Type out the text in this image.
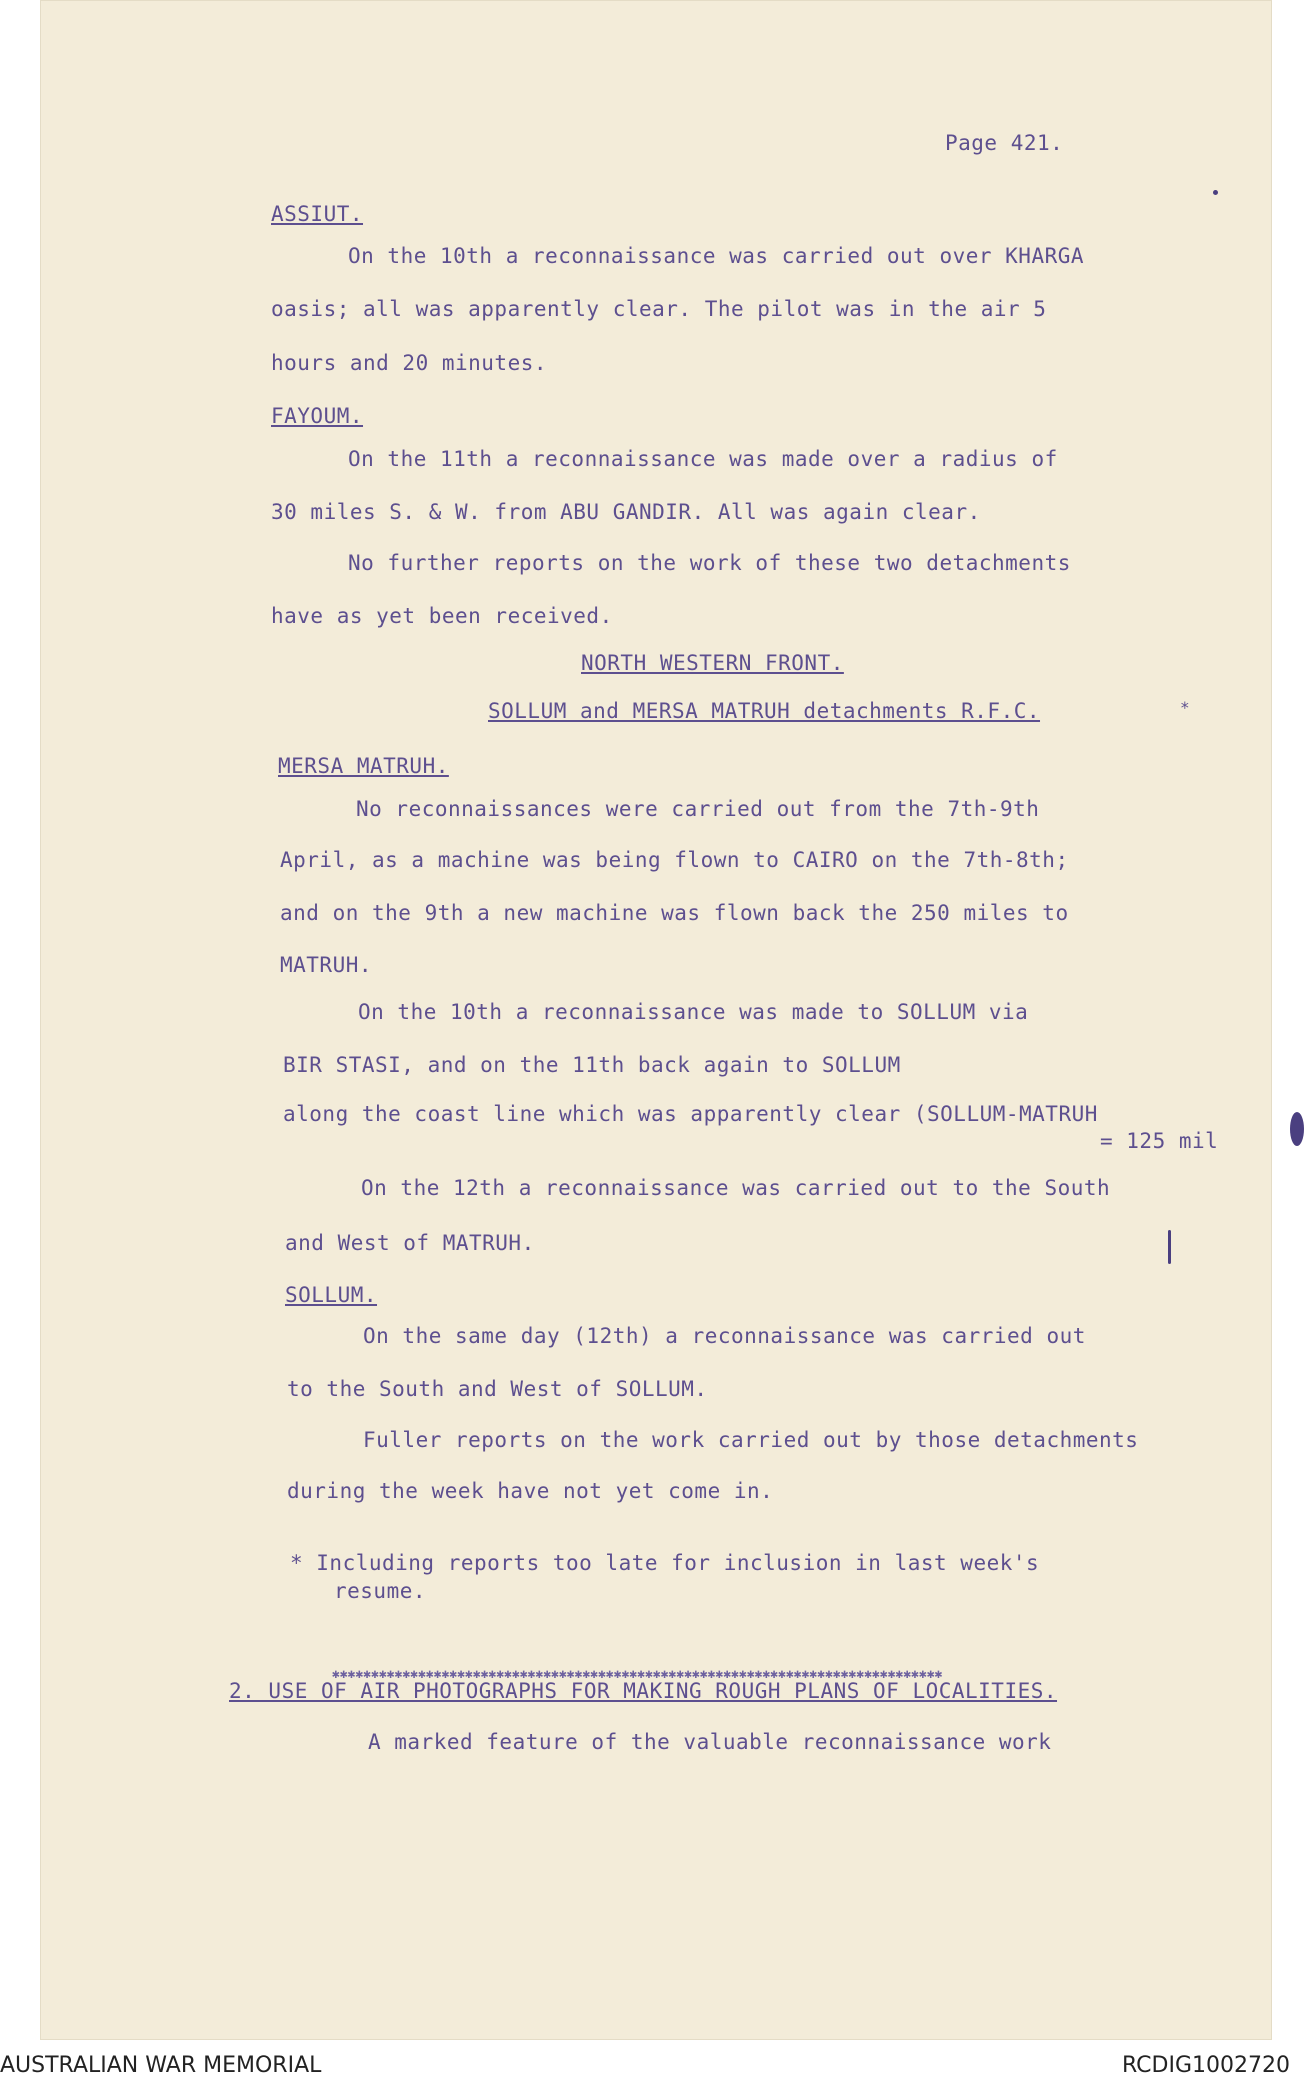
Page 421.
ASSIUT.
On the 10th a reconnaissance was carried out over KHARGA
oasis; all was apparently clear. The pilot was in the air 5
hours and 20 minutes.
FAYOUM.
On the 11th a reconnaissance was made over a radius of
30 miles S. & W. from ABU GANDIR. All was again clear.
No further reports on the work of these two detachments
have as yet been received.
NORTH WESTERN FRONT.
SOLLUM and MERSA MATRUH detachments R.F.C.
MERSA MATRUH.
No reconnaissances were carried out from the 7th-9th
April, as a machine was being flown to CAIRO on the 7th-8th;
and on the 9th a new machine was flown back the 250 miles to
MATRUH.
On the 10th a reconnaissance was made to SOLLUM via
BIR STASI, and on the 11th back again to SOLLUM
along the coast line which was apparently clear (SOLLUM-MATRUH
= 125 mil
On the 12th a reconnaissance was carried out to the South
and West of MATRUH.
SOLLUM.
On the same day (12th) a reconnaissance was carried out
to the South and West of SOLLUM.
Fuller reports on the work carried out by those detachments
during the week have not yet come in.
* Including reports too late for inclusion in last week's
resume.
2. USE OF AIR PHOTOGRAPHS FOR MAKING ROUGH PLANS OF LOCALITIES.
A marked feature of the valuable reconnaissance work
*
✱✱✱✱✱✱✱✱✱✱✱✱✱✱✱✱✱✱✱✱✱✱✱✱✱✱✱✱✱✱✱✱✱✱✱✱✱✱✱✱✱✱✱✱✱✱✱✱✱✱✱✱✱✱✱✱✱✱✱✱✱✱✱✱✱✱✱✱✱✱✱✱✱✱✱✱✱✱
AUSTRALIAN WAR MEMORIAL	RCDIG1002720
